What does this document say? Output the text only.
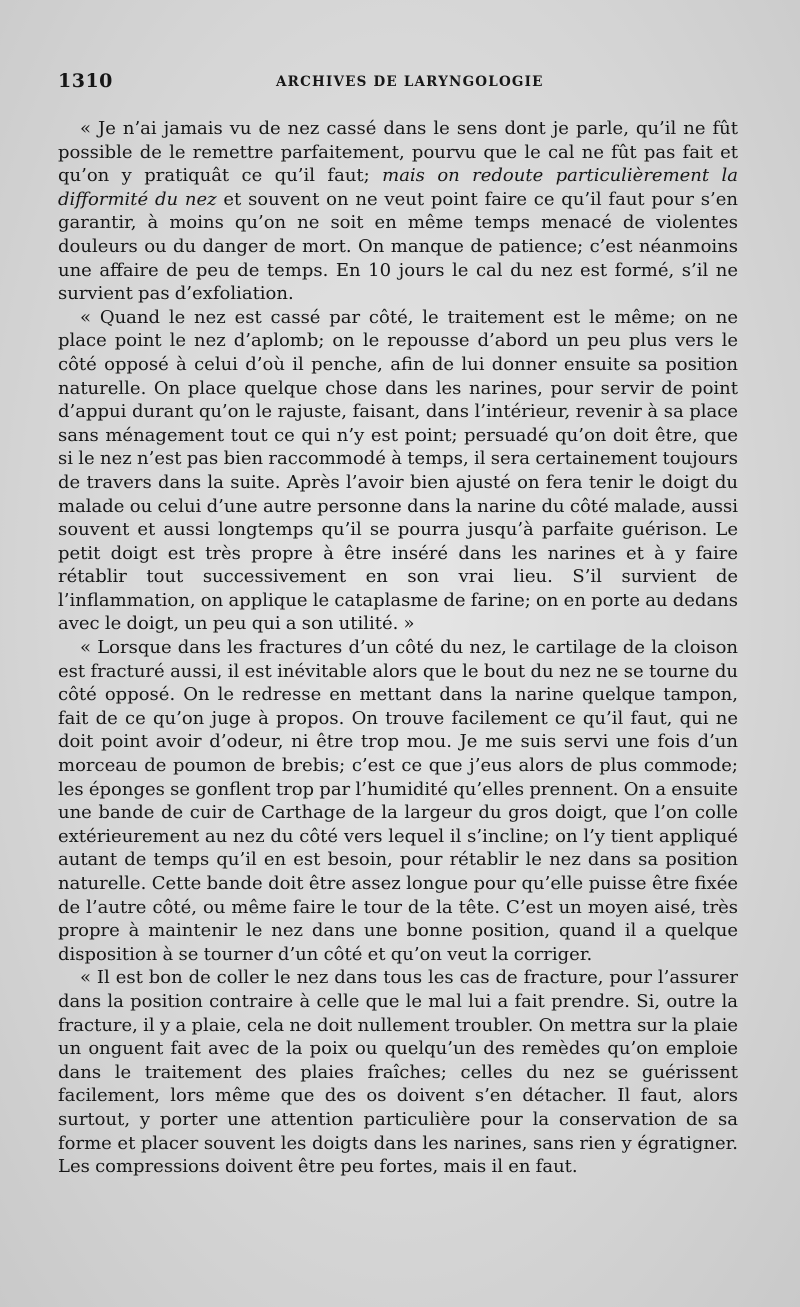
1310	ARCHIVES DE LARYNGOLOGIE

« Je n’ai jamais vu de nez cassé dans le sens dont je parle, qu’il ne fût possible de le remettre parfaitement, pourvu que le cal ne fût pas fait et qu’on y pratiquât ce qu’il faut; mais on redoute particulièrement la difformité du nez et souvent on ne veut point faire ce qu’il faut pour s’en garantir, à moins qu’on ne soit en même temps menacé de violentes douleurs ou du danger de mort. On manque de patience; c’est néanmoins une affaire de peu de temps. En 10 jours le cal du nez est formé, s’il ne survient pas d’exfoliation.

« Quand le nez est cassé par côté, le traitement est le même; on ne place point le nez d’aplomb; on le repousse d’abord un peu plus vers le côté opposé à celui d’où il penche, afin de lui donner ensuite sa position naturelle. On place quelque chose dans les narines, pour servir de point d’appui durant qu’on le rajuste, faisant, dans l’intérieur, revenir à sa place sans ménagement tout ce qui n’y est point; persuadé qu’on doit être, que si le nez n’est pas bien raccommodé à temps, il sera certainement toujours de travers dans la suite. Après l’avoir bien ajusté on fera tenir le doigt du malade ou celui d’une autre personne dans la narine du côté malade, aussi souvent et aussi longtemps qu’il se pourra jusqu’à parfaite guérison. Le petit doigt est très propre à être inséré dans les narines et à y faire rétablir tout successivement en son vrai lieu. S’il survient de l’inflammation, on applique le cataplasme de farine; on en porte au dedans avec le doigt, un peu qui a son utilité. »

« Lorsque dans les fractures d’un côté du nez, le cartilage de la cloison est fracturé aussi, il est inévitable alors que le bout du nez ne se tourne du côté opposé. On le redresse en mettant dans la narine quelque tampon, fait de ce qu’on juge à propos. On trouve facilement ce qu’il faut, qui ne doit point avoir d’odeur, ni être trop mou. Je me suis servi une fois d’un morceau de poumon de brebis; c’est ce que j’eus alors de plus commode; les éponges se gonflent trop par l’humidité qu’elles prennent. On a ensuite une bande de cuir de Carthage de la largeur du gros doigt, que l’on colle extérieurement au nez du côté vers lequel il s’incline; on l’y tient appliqué autant de temps qu’il en est besoin, pour rétablir le nez dans sa position naturelle. Cette bande doit être assez longue pour qu’elle puisse être fixée de l’autre côté, ou même faire le tour de la tête. C’est un moyen aisé, très propre à maintenir le nez dans une bonne position, quand il a quelque disposition à se tourner d’un côté et qu’on veut la corriger.

« Il est bon de coller le nez dans tous les cas de fracture, pour l’assurer dans la position contraire à celle que le mal lui a fait prendre. Si, outre la fracture, il y a plaie, cela ne doit nullement troubler. On mettra sur la plaie un onguent fait avec de la poix ou quelqu’un des remèdes qu’on emploie dans le traitement des plaies fraîches; celles du nez se guérissent facilement, lors même que des os doivent s’en détacher. Il faut, alors surtout, y porter une attention particulière pour la conservation de sa forme et placer souvent les doigts dans les narines, sans rien y égratigner. Les compressions doivent être peu fortes, mais il en faut.
